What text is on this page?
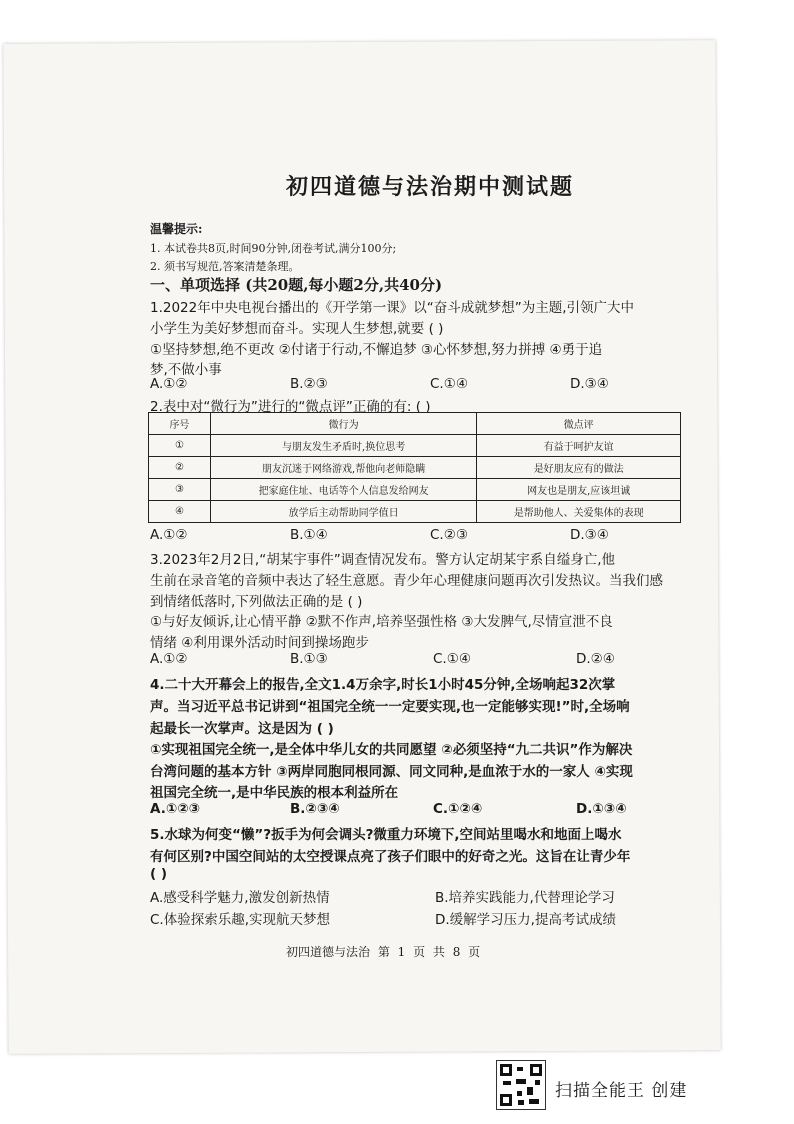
初四道德与法治期中测试题
温馨提示:
1. 本试卷共8页,时间90分钟,闭卷考试,满分100分;
2. 须书写规范,答案清楚条理。
一、单项选择 (共20题,每小题2分,共40分)
1.2022年中央电视台播出的《开学第一课》以“奋斗成就梦想”为主题,引领广大中
小学生为美好梦想而奋斗。实现人生梦想,就要 ( )
①坚持梦想,绝不更改 ②付诸于行动,不懈追梦 ③心怀梦想,努力拼搏 ④勇于追
梦,不做小事
A.①②	B.②③	C.①④	D.③④
2.表中对“微行为”进行的“微点评”正确的有: ( )
序号	微行为	微点评
①	与朋友发生矛盾时,换位思考	有益于呵护友谊
②	朋友沉迷于网络游戏,帮他向老师隐瞒	是好朋友应有的做法
③	把家庭住址、电话等个人信息发给网友	网友也是朋友,应该坦诚
④	放学后主动帮助同学值日	是帮助他人、关爱集体的表现
A.①②	B.①④	C.②③	D.③④
3.2023年2月2日,“胡某宇事件”调查情况发布。警方认定胡某宇系自缢身亡,他
生前在录音笔的音频中表达了轻生意愿。青少年心理健康问题再次引发热议。当我们感
到情绪低落时,下列做法正确的是 ( )
①与好友倾诉,让心情平静 ②默不作声,培养坚强性格 ③大发脾气,尽情宣泄不良
情绪 ④利用课外活动时间到操场跑步
A.①②	B.①③	C.①④	D.②④
4.二十大开幕会上的报告,全文1.4万余字,时长1小时45分钟,全场响起32次掌
声。当习近平总书记讲到“祖国完全统一一定要实现,也一定能够实现!”时,全场响
起最长一次掌声。这是因为 ( )
①实现祖国完全统一,是全体中华儿女的共同愿望 ②必须坚持“九二共识”作为解决
台湾问题的基本方针 ③两岸同胞同根同源、同文同种,是血浓于水的一家人 ④实现
祖国完全统一,是中华民族的根本利益所在
A.①②③	B.②③④	C.①②④	D.①③④
5.水球为何变“懒”?扳手为何会调头?微重力环境下,空间站里喝水和地面上喝水
有何区别?中国空间站的太空授课点亮了孩子们眼中的好奇之光。这旨在让青少年
( )
A.感受科学魅力,激发创新热情	B.培养实践能力,代替理论学习
C.体验探索乐趣,实现航天梦想	D.缓解学习压力,提高考试成绩
初四道德与法治 第 1 页 共 8 页
扫描全能王 创建
